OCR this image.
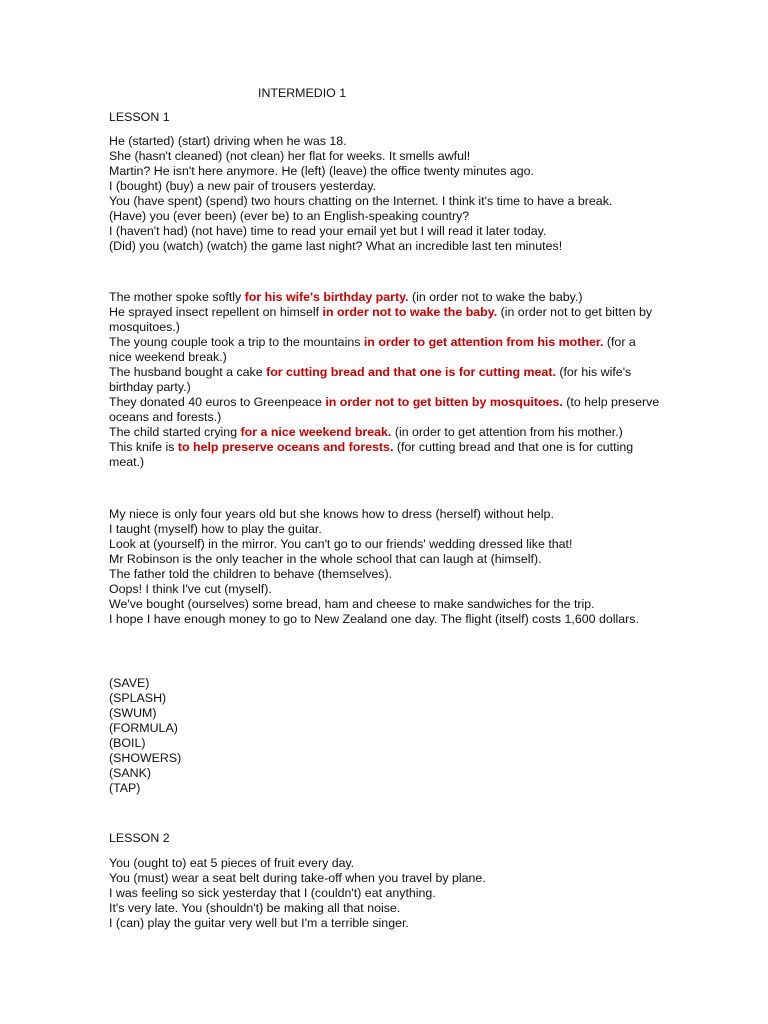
INTERMEDIO 1
LESSON 1
He (started) (start) driving when he was 18.
She (hasn't cleaned) (not clean) her flat for weeks. It smells awful!
Martin? He isn't here anymore. He (left) (leave) the office twenty minutes ago.
I (bought) (buy) a new pair of trousers yesterday.
You (have spent) (spend) two hours chatting on the Internet. I think it's time to have a break.
(Have) you (ever been) (ever be) to an English-speaking country?
I (haven't had) (not have) time to read your email yet but I will read it later today.
(Did) you (watch) (watch) the game last night? What an incredible last ten minutes!
The mother spoke softly for his wife's birthday party. (in order not to wake the baby.)
He sprayed insect repellent on himself in order not to wake the baby. (in order not to get bitten by mosquitoes.)
The young couple took a trip to the mountains in order to get attention from his mother. (for a nice weekend break.)
The husband bought a cake for cutting bread and that one is for cutting meat. (for his wife's birthday party.)
They donated 40 euros to Greenpeace in order not to get bitten by mosquitoes. (to help preserve oceans and forests.)
The child started crying for a nice weekend break. (in order to get attention from his mother.)
This knife is to help preserve oceans and forests. (for cutting bread and that one is for cutting meat.)
My niece is only four years old but she knows how to dress (herself) without help.
I taught (myself) how to play the guitar.
Look at (yourself) in the mirror. You can't go to our friends' wedding dressed like that!
Mr Robinson is the only teacher in the whole school that can laugh at (himself).
The father told the children to behave (themselves).
Oops! I think I've cut (myself).
We've bought (ourselves) some bread, ham and cheese to make sandwiches for the trip.
I hope I have enough money to go to New Zealand one day. The flight (itself) costs 1,600 dollars.
(SAVE)
(SPLASH)
(SWUM)
(FORMULA)
(BOIL)
(SHOWERS)
(SANK)
(TAP)
LESSON 2
You (ought to) eat 5 pieces of fruit every day.
You (must) wear a seat belt during take-off when you travel by plane.
I was feeling so sick yesterday that I (couldn't) eat anything.
It's very late. You (shouldn't) be making all that noise.
I (can) play the guitar very well but I'm a terrible singer.
